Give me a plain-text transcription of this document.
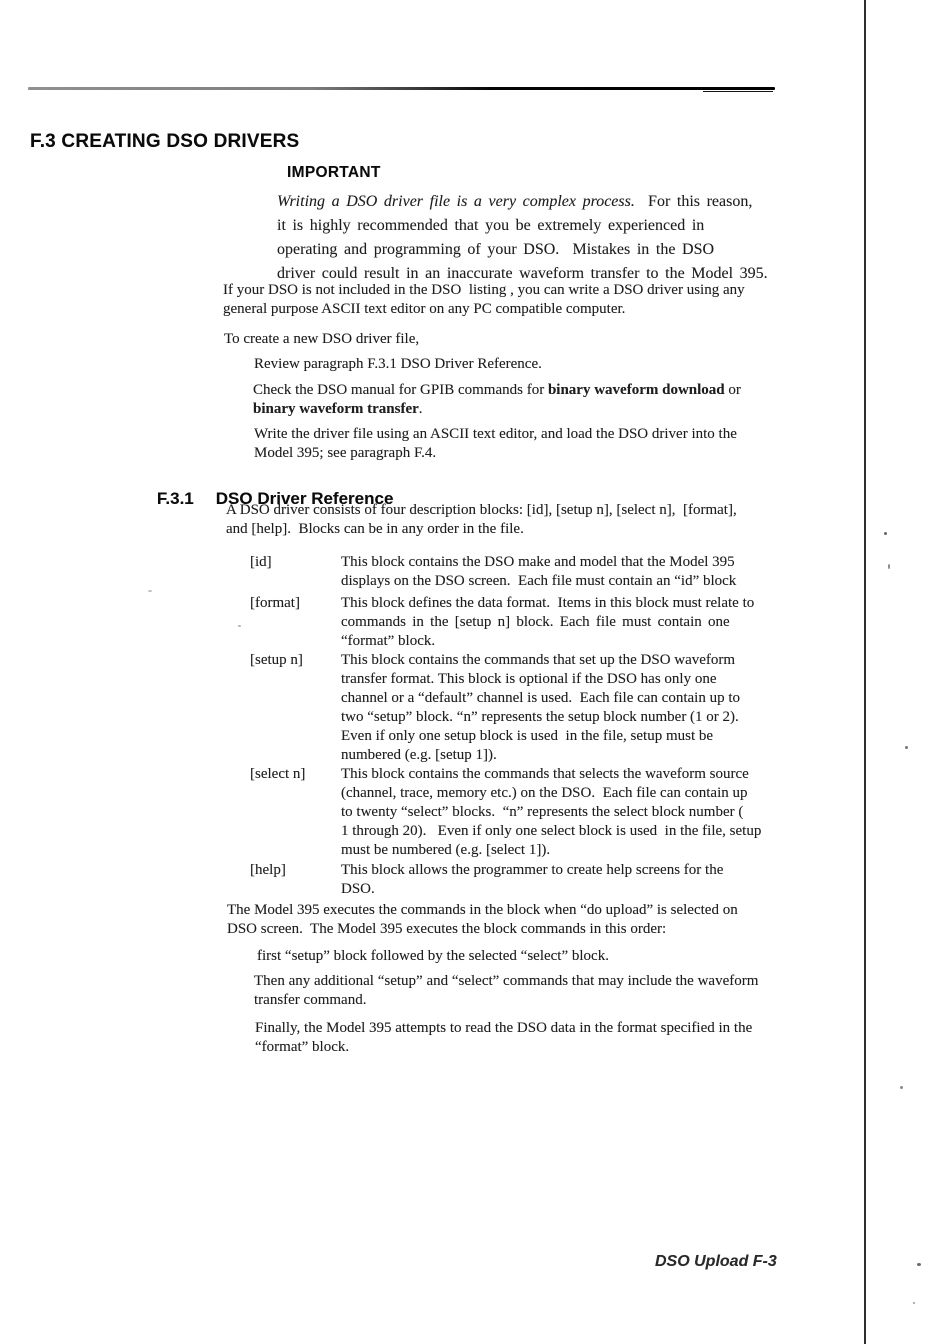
F.3 CREATING DSO DRIVERS
IMPORTANT
Writing a DSO driver file is a very complex process.  For this reason,
it is highly recommended that you be extremely experienced in
operating and programming of your DSO.  Mistakes in the DSO
driver could result in an inaccurate waveform transfer to the Model 395.
If your DSO is not included in the DSO  listing , you can write a DSO driver using any
general purpose ASCII text editor on any PC compatible computer.
To create a new DSO driver file,
Review paragraph F.3.1 DSO Driver Reference.
Check the DSO manual for GPIB commands for binary waveform download or
binary waveform transfer.
Write the driver file using an ASCII text editor, and load the DSO driver into the
Model 395; see paragraph F.4.

F.3.1 DSO Driver Reference

A DSO driver consists of four description blocks: [id], [setup n], [select n],  [format],
and [help].  Blocks can be in any order in the file.
[id]	This block contains the DSO make and model that the Model 395
displays on the DSO screen.  Each file must contain an “id” block
[format]	This block defines the data format.  Items in this block must relate to
commands in the [setup n] block. Each file must contain one
“format” block.
[setup n]	This block contains the commands that set up the DSO waveform
transfer format. This block is optional if the DSO has only one
channel or a “default” channel is used.  Each file can contain up to
two “setup” block. “n” represents the setup block number (1 or 2).
Even if only one setup block is used  in the file, setup must be
numbered (e.g. [setup 1]).
[select n] This block contains the commands that selects the waveform source
(channel, trace, memory etc.) on the DSO.  Each file can contain up
to twenty “select” blocks.  “n” represents the select block number (
1 through 20).   Even if only one select block is used  in the file, setup
must be numbered (e.g. [select 1]).
[help]	This block allows the programmer to create help screens for the
DSO.
The Model 395 executes the commands in the block when “do upload” is selected on
DSO screen.  The Model 395 executes the block commands in this order:
first “setup” block followed by the selected “select” block.
Then any additional “setup” and “select” commands that may include the waveform
transfer command.
Finally, the Model 395 attempts to read the DSO data in the format specified in the
“format” block.
DSO Upload F-3
